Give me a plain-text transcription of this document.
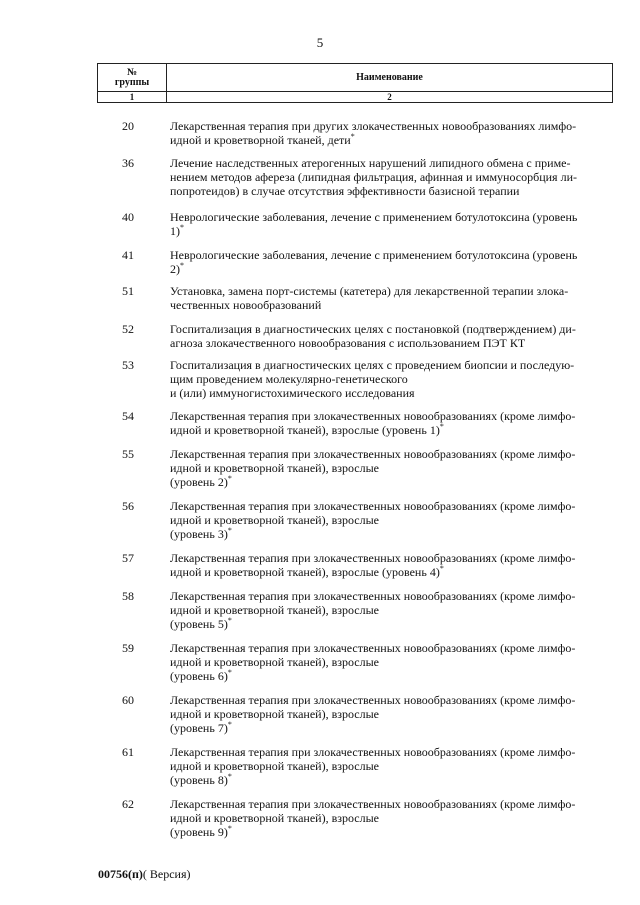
5
№
группы	Наименование
1	2
20	Лекарственная терапия при других злокачественных новообразованиях лимфо-
идной и кроветворной тканей, дети*
36	Лечение наследственных атерогенных нарушений липидного обмена с приме-
нением методов афереза (липидная фильтрация, афинная и иммуносорбция ли-
попротеидов) в случае отсутствия эффективности базисной терапии
40	Неврологические заболевания, лечение с применением ботулотоксина (уровень
1)*
41	Неврологические заболевания, лечение с применением ботулотоксина (уровень
2)*
51	Установка, замена порт-системы (катетера) для лекарственной терапии злока-
чественных новообразований
52	Госпитализация в диагностических целях с постановкой (подтверждением) ди-
агноза злокачественного новообразования с использованием ПЭТ КТ
53	Госпитализация в диагностических целях с проведением биопсии и последую-
щим проведением молекулярно-генетического
и (или) иммуногистохимического исследования
54	Лекарственная терапия при злокачественных новообразованиях (кроме лимфо-
идной и кроветворной тканей), взрослые (уровень 1)*
55	Лекарственная терапия при злокачественных новообразованиях (кроме лимфо-
идной и кроветворной тканей), взрослые
(уровень 2)*
56	Лекарственная терапия при злокачественных новообразованиях (кроме лимфо-
идной и кроветворной тканей), взрослые
(уровень 3)*
57	Лекарственная терапия при злокачественных новообразованиях (кроме лимфо-
идной и кроветворной тканей), взрослые (уровень 4)*
58	Лекарственная терапия при злокачественных новообразованиях (кроме лимфо-
идной и кроветворной тканей), взрослые
(уровень 5)*
59	Лекарственная терапия при злокачественных новообразованиях (кроме лимфо-
идной и кроветворной тканей), взрослые
(уровень 6)*
60	Лекарственная терапия при злокачественных новообразованиях (кроме лимфо-
идной и кроветворной тканей), взрослые
(уровень 7)*
61	Лекарственная терапия при злокачественных новообразованиях (кроме лимфо-
идной и кроветворной тканей), взрослые
(уровень 8)*
62	Лекарственная терапия при злокачественных новообразованиях (кроме лимфо-
идной и кроветворной тканей), взрослые
(уровень 9)*
00756(п)( Версия)
